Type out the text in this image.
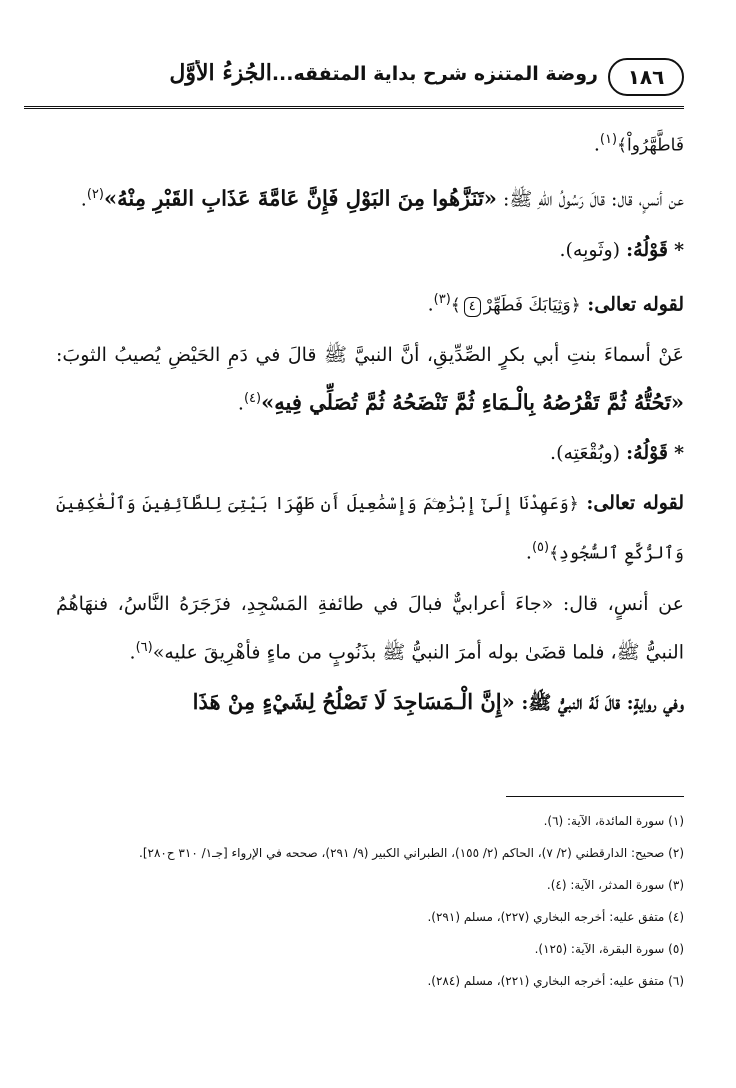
١٨٦
روضة المتنزه شرح بداية المتفقه...الجُزءُ الأوَّل

فَاطَّهَّرُواْ﴾$^{(١)}$.

عن أنسٍ، قال: قالَ رَسُولُ اللهِ ﷺ: «تَنَزَّهُوا مِنَ البَوْلِ فَإِنَّ عَامَّةَ عَذَابِ القَبْرِ مِنْهُ»$^{(٢)}$.

* قَوْلُهُ: (وثَوبِه).

لقوله تعالى: ﴿وَثِيَابَكَ فَطَهِّرْ٤﴾$^{(٣)}$.

عَنْ أسماءَ بنتِ أبي بكرٍ الصِّدِّيقِ، أنَّ النبيَّ ﷺ قالَ في دَمِ الحَيْضِ يُصيبُ الثوبَ: «تَحُتُّهُ ثُمَّ تَقْرُصُهُ بِالْـمَاءِ ثُمَّ تَنْضَحُهُ ثُمَّ تُصَلِّي فِيهِ»$^{(٤)}$.

* قَوْلُهُ: (وبُقْعَتِه).

لقوله تعالى: ﴿وَعَهِدْنَا إِلَىٰٓ إِبْرَٰهِـۧمَ وَإِسْمَٰعِيلَ أَن طَهِّرَا بَيْتِىَ لِلطَّآئِفِينَ وَٱلْعَٰكِفِينَ وَٱلرُّكَّعِ ٱلسُّجُودِ﴾$^{(٥)}$.

عن أنسٍ، قال: «جاءَ أعرابيٌّ فبالَ في طائفةِ المَسْجِدِ، فزَجَرَهُ النَّاسُ، فنهَاهُمُ النبيُّ ﷺ، فلما قضَىٰ بوله أمرَ النبيُّ ﷺ بذَنُوبٍ من ماءٍ فأهْرِيقَ عليه»$^{(٦)}$.

وفي روايةٍ: قالَ لَهُ النبيُّ ﷺ: «إِنَّ الْـمَسَاجِدَ لَا تَصْلُحُ لِشَيْءٍ مِنْ هَذَا

(١) سورة المائدة، الآية: (٦).

(٢) صحيح: الدارقطني (٢/ ٧)، الحاكم (٢/ ١٥٥)، الطبراني الكبير (٩/ ٢٩١)، صححه في الإرواء [جـ١/ ٣١٠ ح٢٨٠].

(٣) سورة المدثر، الآية: (٤).

(٤) متفق عليه: أخرجه البخاري (٢٢٧)، مسلم (٢٩١).

(٥) سورة البقرة، الآية: (١٢٥).

(٦) متفق عليه: أخرجه البخاري (٢٢١)، مسلم (٢٨٤).
